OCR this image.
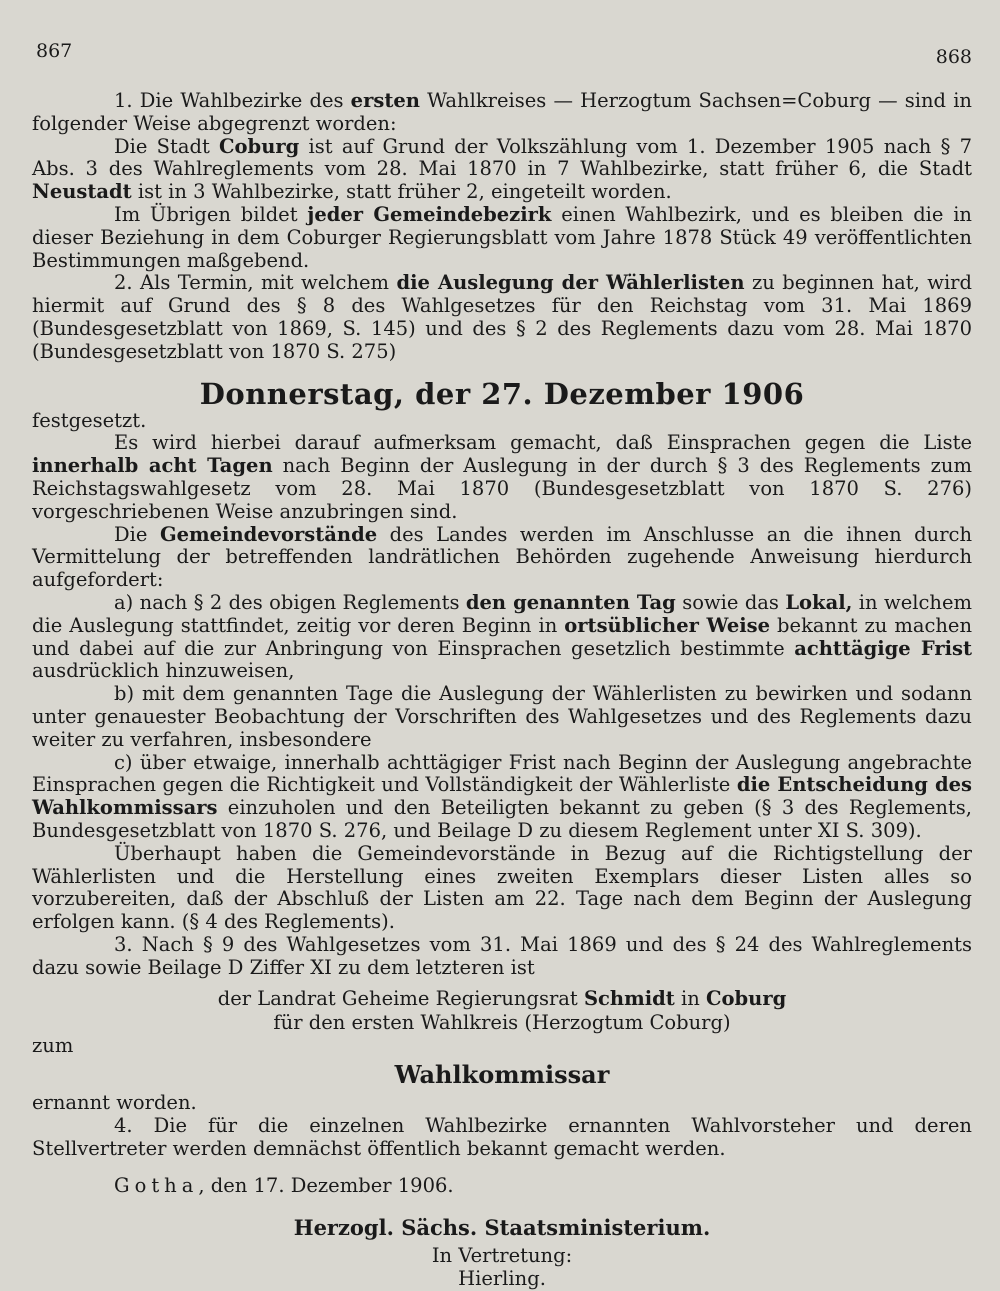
867	868

1. Die Wahlbezirke des ersten Wahlkreises — Herzogtum Sachsen=Coburg — sind in folgender Weise abgegrenzt worden:

Die Stadt Coburg ist auf Grund der Volkszählung vom 1. Dezember 1905 nach § 7 Abs. 3 des Wahlreglements vom 28. Mai 1870 in 7 Wahlbezirke, statt früher 6, die Stadt Neustadt ist in 3 Wahlbezirke, statt früher 2, eingeteilt worden.

Im Übrigen bildet jeder Gemeindebezirk einen Wahlbezirk, und es bleiben die in dieser Beziehung in dem Coburger Regierungsblatt vom Jahre 1878 Stück 49 veröffentlichten Bestimmungen maßgebend.

2. Als Termin, mit welchem die Auslegung der Wählerlisten zu beginnen hat, wird hiermit auf Grund des § 8 des Wahlgesetzes für den Reichstag vom 31. Mai 1869 (Bundesgesetzblatt von 1869, S. 145) und des § 2 des Reglements dazu vom 28. Mai 1870 (Bundesgesetzblatt von 1870 S. 275)

Donnerstag, der 27. Dezember 1906

festgesetzt.

Es wird hierbei darauf aufmerksam gemacht, daß Einsprachen gegen die Liste innerhalb acht Tagen nach Beginn der Auslegung in der durch § 3 des Reglements zum Reichstagswahlgesetz vom 28. Mai 1870 (Bundesgesetzblatt von 1870 S. 276) vorgeschriebenen Weise anzubringen sind.

Die Gemeindevorstände des Landes werden im Anschlusse an die ihnen durch Vermittelung der betreffenden landrätlichen Behörden zugehende Anweisung hierdurch aufgefordert:

a) nach § 2 des obigen Reglements den genannten Tag sowie das Lokal, in welchem die Auslegung stattfindet, zeitig vor deren Beginn in ortsüblicher Weise bekannt zu machen und dabei auf die zur Anbringung von Einsprachen gesetzlich bestimmte achttägige Frist ausdrücklich hinzuweisen,

b) mit dem genannten Tage die Auslegung der Wählerlisten zu bewirken und sodann unter genauester Beobachtung der Vorschriften des Wahlgesetzes und des Reglements dazu weiter zu verfahren, insbesondere

c) über etwaige, innerhalb achttägiger Frist nach Beginn der Auslegung angebrachte Einsprachen gegen die Richtigkeit und Vollständigkeit der Wählerliste die Entscheidung des Wahlkommissars einzuholen und den Beteiligten bekannt zu geben (§ 3 des Reglements, Bundesgesetzblatt von 1870 S. 276, und Beilage D zu diesem Reglement unter XI S. 309).

Überhaupt haben die Gemeindevorstände in Bezug auf die Richtigstellung der Wählerlisten und die Herstellung eines zweiten Exemplars dieser Listen alles so vorzubereiten, daß der Abschluß der Listen am 22. Tage nach dem Beginn der Auslegung erfolgen kann. (§ 4 des Reglements).

3. Nach § 9 des Wahlgesetzes vom 31. Mai 1869 und des § 24 des Wahlreglements dazu sowie Beilage D Ziffer XI zu dem letzteren ist

der Landrat Geheime Regierungsrat Schmidt in Coburg
für den ersten Wahlkreis (Herzogtum Coburg)

zum

Wahlkommissar

ernannt worden.

4. Die für die einzelnen Wahlbezirke ernannten Wahlvorsteher und deren Stellvertreter werden demnächst öffentlich bekannt gemacht werden.

Gotha, den 17. Dezember 1906.

Herzogl. Sächs. Staatsministerium.
In Vertretung:
Hierling.
